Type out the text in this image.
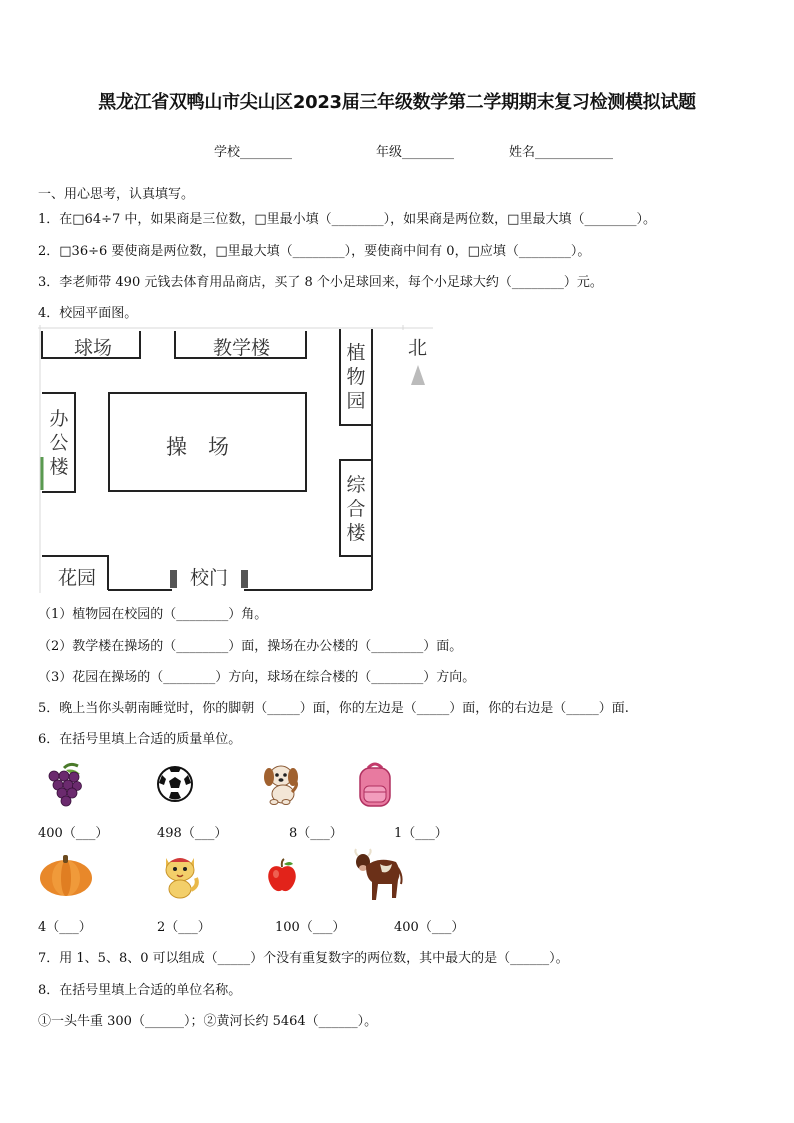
黑龙江省双鸭山市尖山区2023届三年级数学第二学期期末复习检测模拟试题
学校________	年级________	姓名____________
一、用心思考，认真填写。
1．在□64÷7 中，如果商是三位数，□里最小填（________），如果商是两位数，□里最大填（________）。
2．□36÷6 要使商是两位数，□里最大填（________），要使商中间有 0，□应填（________）。
3．李老师带 490 元钱去体育用品商店，买了 8 个小足球回来，每个小足球大约（________）元。
4．校园平面图。
球场	教学楼	植物园
北
办公楼
操　场
综合楼
花园	校门
（1）植物园在校园的（________）角。
（2）教学楼在操场的（________）面，操场在办公楼的（________）面。
（3）花园在操场的（________）方向，球场在综合楼的（________）方向。
5．晚上当你头朝南睡觉时，你的脚朝（_____）面，你的左边是（_____）面，你的右边是（_____）面.
6．在括号里填上合适的质量单位。
400（___）	498（___）	8（___）	1（___）
4（___）	2（___）	100（___）	400（___）
7．用 1、5、8、0 可以组成（_____）个没有重复数字的两位数，其中最大的是（______）。
8．在括号里填上合适的单位名称。
①一头牛重 300（______）；②黄河长约 5464（______）。
